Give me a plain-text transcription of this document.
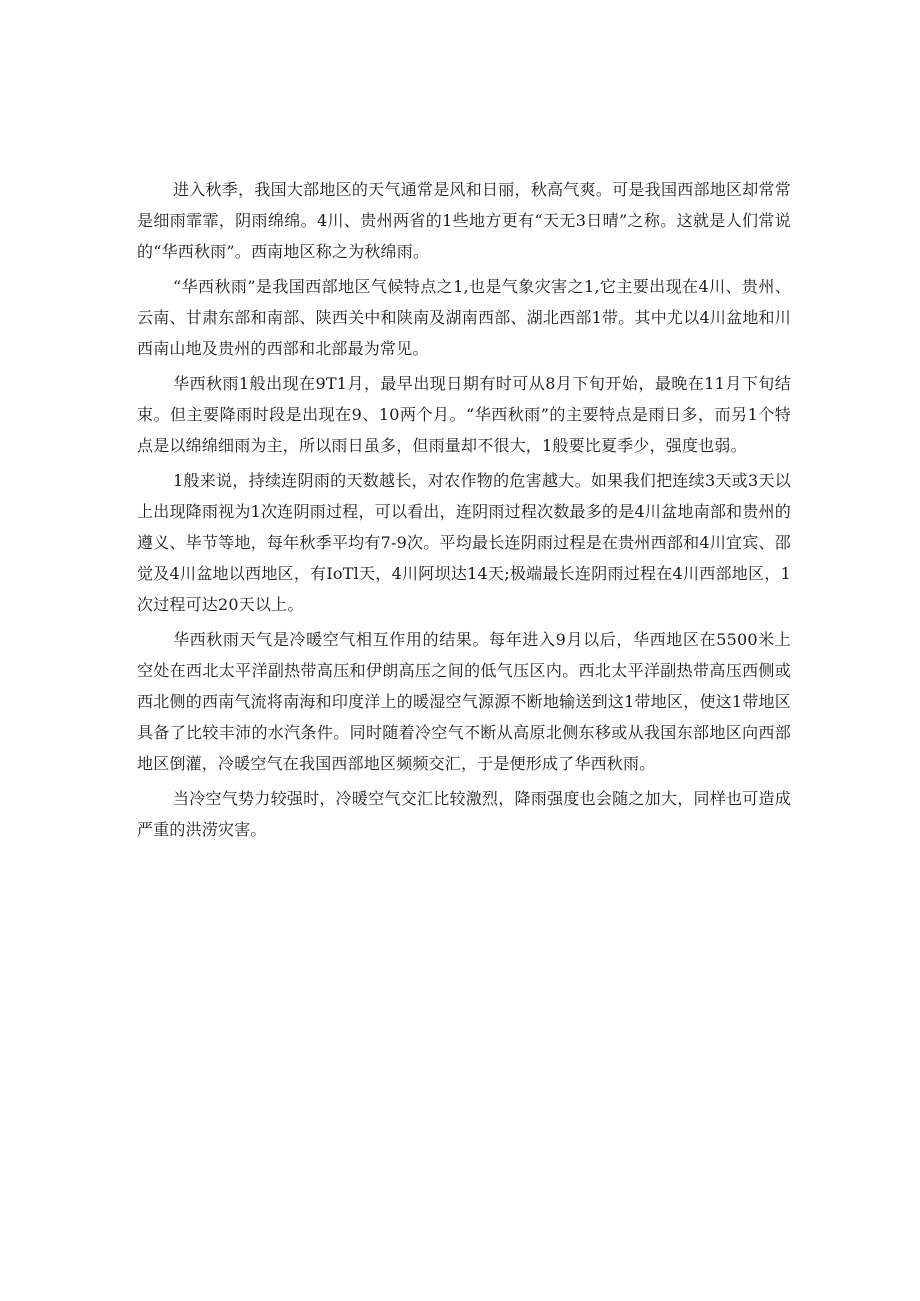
进入秋季，我国大部地区的天气通常是风和日丽，秋高气爽。可是我国西部地区却常常是细雨霏霏，阴雨绵绵。4川、贵州两省的1些地方更有“天无3日晴”之称。这就是人们常说的“华西秋雨”。西南地区称之为秋绵雨。

“华西秋雨”是我国西部地区气候特点之1,也是气象灾害之1,它主要出现在4川、贵州、云南、甘肃东部和南部、陕西关中和陕南及湖南西部、湖北西部1带。其中尤以4川盆地和川西南山地及贵州的西部和北部最为常见。

华西秋雨1般出现在9T1月，最早出现日期有时可从8月下旬开始，最晚在11月下旬结束。但主要降雨时段是出现在9、10两个月。“华西秋雨”的主要特点是雨日多，而另1个特点是以绵绵细雨为主，所以雨日虽多，但雨量却不很大，1般要比夏季少，强度也弱。

1般来说，持续连阴雨的天数越长，对农作物的危害越大。如果我们把连续3天或3天以上出现降雨视为1次连阴雨过程，可以看出，连阴雨过程次数最多的是4川盆地南部和贵州的遵义、毕节等地，每年秋季平均有7-9次。平均最长连阴雨过程是在贵州西部和4川宜宾、邵觉及4川盆地以西地区，有IoTl天，4川阿坝达14天;极端最长连阴雨过程在4川西部地区，1次过程可达20天以上。

华西秋雨天气是冷暖空气相互作用的结果。每年进入9月以后，华西地区在5500米上空处在西北太平洋副热带高压和伊朗高压之间的低气压区内。西北太平洋副热带高压西侧或西北侧的西南气流将南海和印度洋上的暖湿空气源源不断地输送到这1带地区，使这1带地区具备了比较丰沛的水汽条件。同时随着冷空气不断从高原北侧东移或从我国东部地区向西部地区倒灌，冷暖空气在我国西部地区频频交汇，于是便形成了华西秋雨。

当冷空气势力较强时，冷暖空气交汇比较激烈，降雨强度也会随之加大，同样也可造成严重的洪涝灾害。
